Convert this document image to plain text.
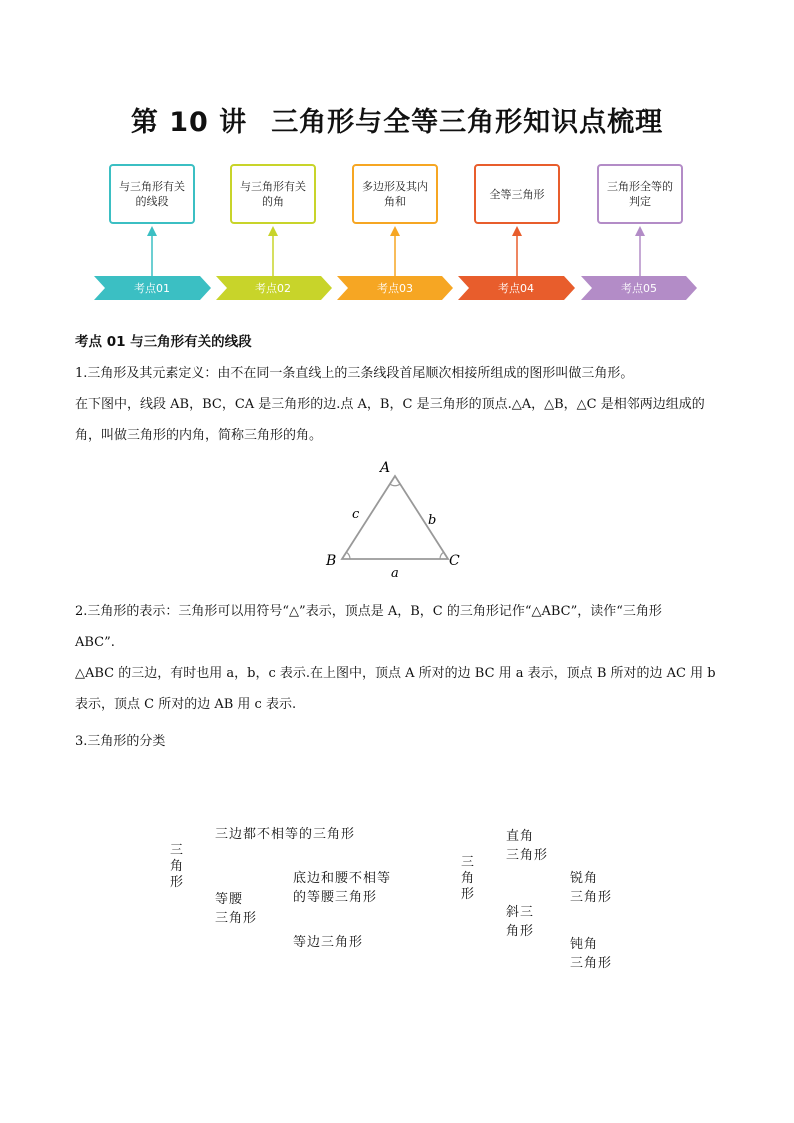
第 10 讲 三角形与全等三角形知识点梳理
与三角形有关
的线段
与三角形有关
的角
多边形及其内
角和
全等三角形
三角形全等的
判定
考点01	考点02	考点03	考点04	考点05
考点 01 与三角形有关的线段
1.三角形及其元素定义：由不在同一条直线上的三条线段首尾顺次相接所组成的图形叫做三角形。
在下图中，线段 AB，BC，CA 是三角形的边.点 A，B，C 是三角形的顶点.△A，△B，△C 是相邻两边组成的
角，叫做三角形的内角，简称三角形的角。
A
B	C
c	b
a
2.三角形的表示：三角形可以用符号“△”表示，顶点是 A，B，C 的三角形记作“△ABC”，读作“三角形
ABC”.
△ABC 的三边，有时也用 a，b，c 表示.在上图中，顶点 A 所对的边 BC 用 a 表示，顶点 B 所对的边 AC 用 b
表示，顶点 C 所对的边 AB 用 c 表示.
3.三角形的分类
三角形
三边都不相等的三角形
等腰
三角形
底边和腰不相等
的等腰三角形
等边三角形
三角形
直角
三角形
斜三
角形
锐角
三角形
钝角
三角形
